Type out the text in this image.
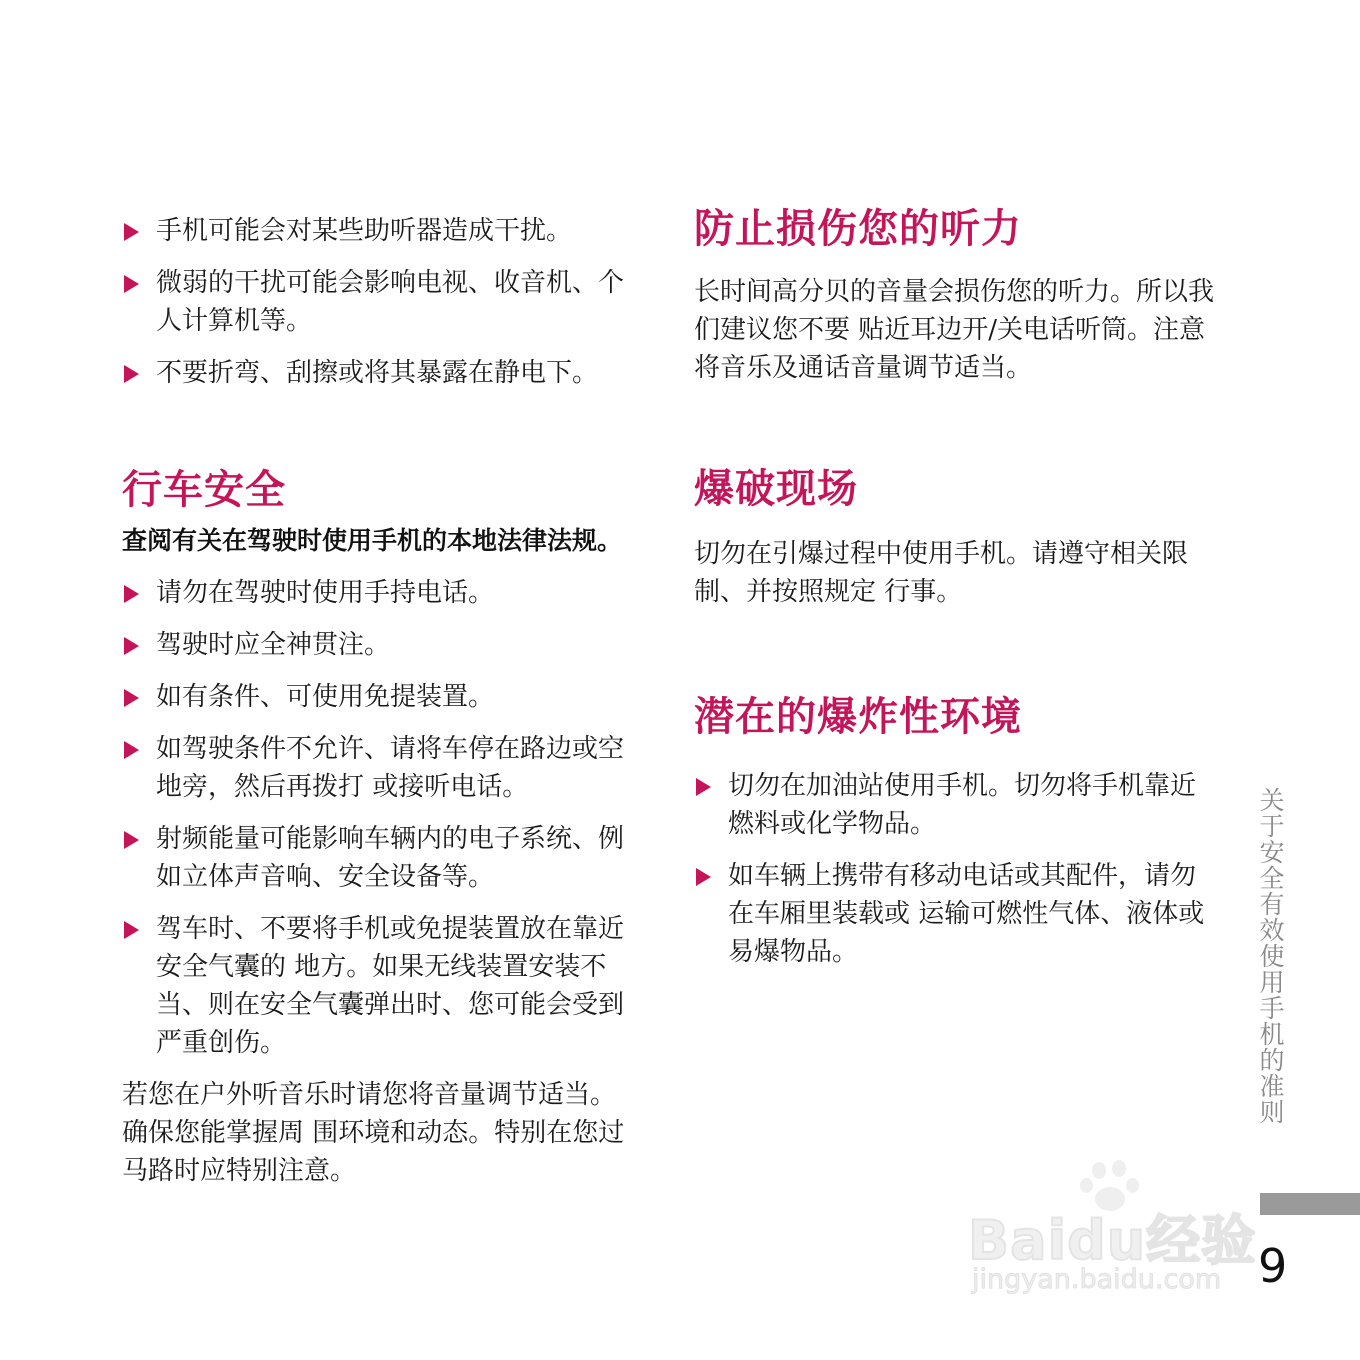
手机可能会对某些助听器造成干扰。
微弱的干扰可能会影响电视、收音机、个人计算机等。
不要折弯、刮擦或将其暴露在静电下。
行车安全
查阅有关在驾驶时使用手机的本地法律法规。
请勿在驾驶时使用手持电话。
驾驶时应全神贯注。
如有条件、可使用免提装置。
如驾驶条件不允许、请将车停在路边或空地旁，然后再拨打 或接听电话。
射频能量可能影响车辆内的电子系统、例如立体声音响、安全设备等。
驾车时、不要将手机或免提装置放在靠近安全气囊的 地方。如果无线装置安装不当、则在安全气囊弹出时、您可能会受到严重创伤。

若您在户外听音乐时请您将音量调节适当。确保您能掌握周 围环境和动态。特别在您过马路时应特别注意。

防止损伤您的听力

长时间高分贝的音量会损伤您的听力。所以我们建议您不要 贴近耳边开/关电话听筒。注意将音乐及通话音量调节适当。

爆破现场

切勿在引爆过程中使用手机。请遵守相关限制、并按照规定 行事。

潜在的爆炸性环境
切勿在加油站使用手机。切勿将手机靠近燃料或化学物品。
如车辆上携带有移动电话或其配件，请勿在车厢里装载或 运输可燃性气体、液体或易爆物品。	关于安全有效使用手机的准则
Baidu经验
jingyan.baidu.com 9
